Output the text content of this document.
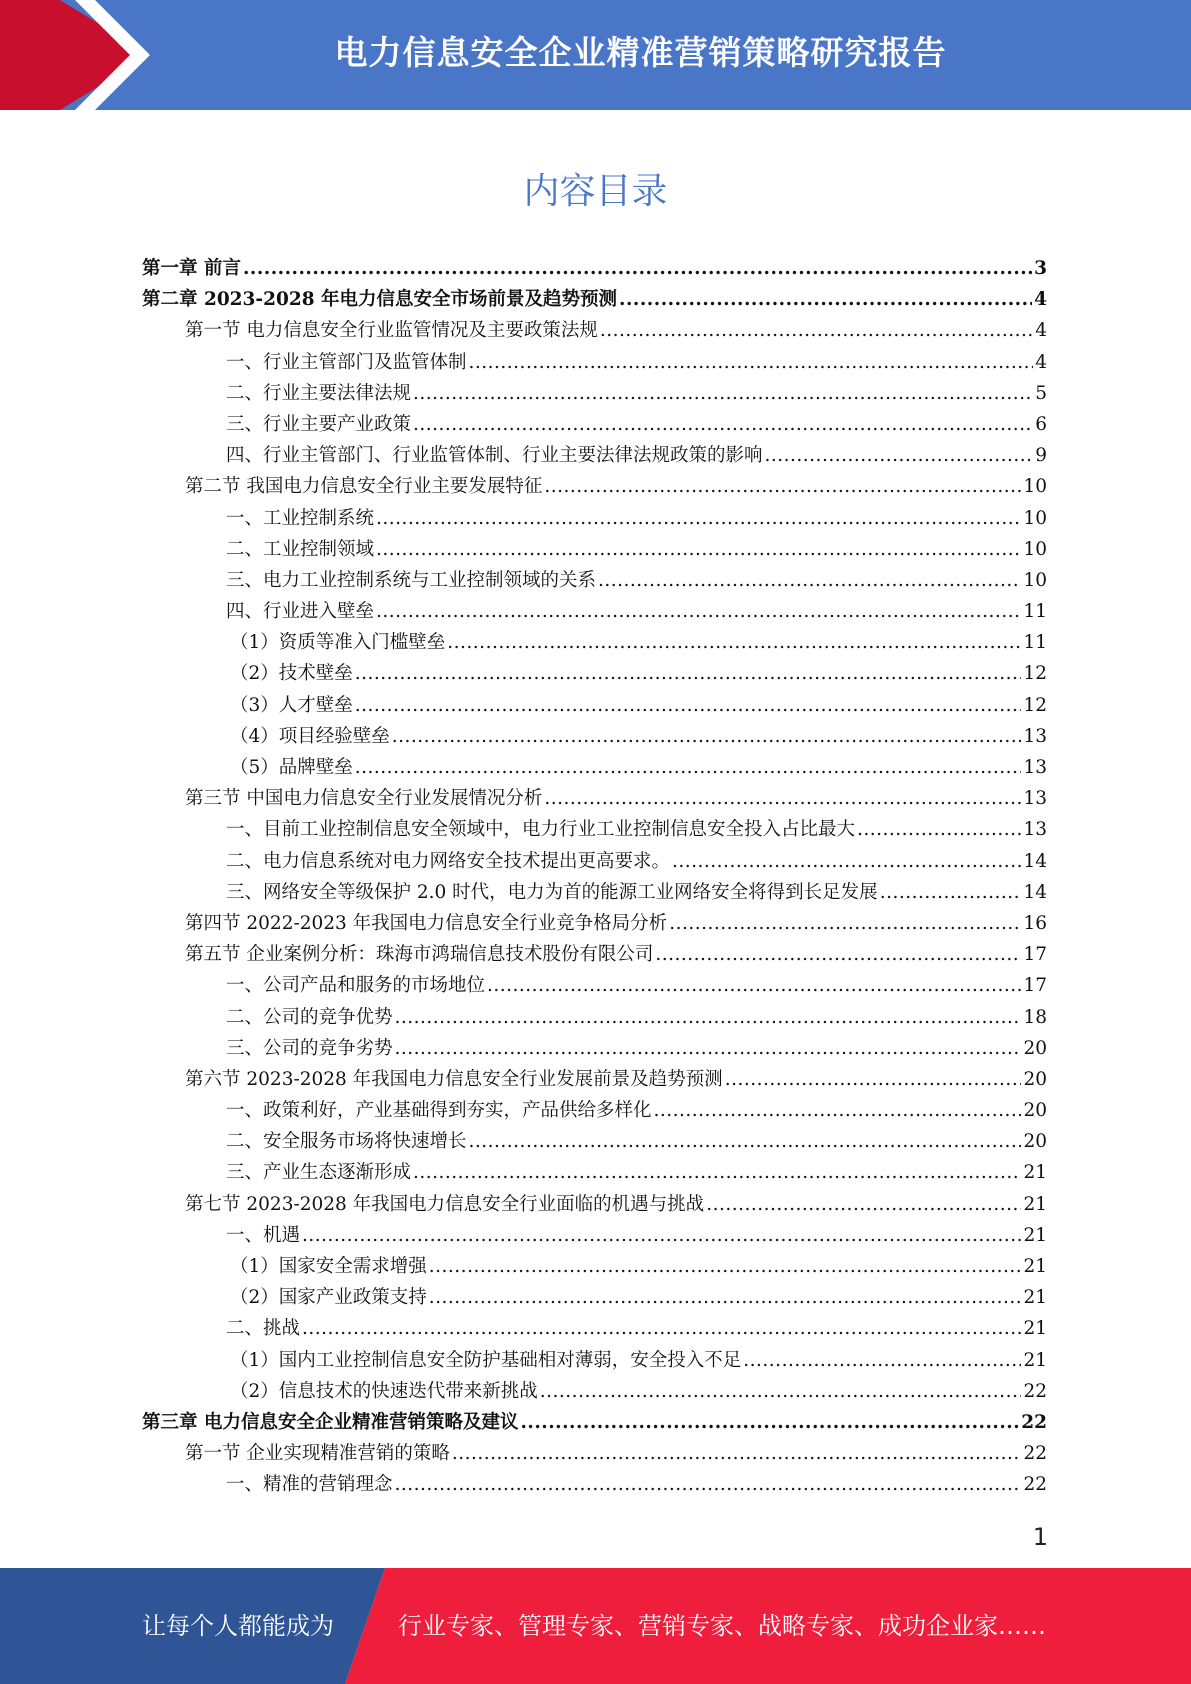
电力信息安全企业精准营销策略研究报告
内容目录
第一章 前言 .....	3
第二章 2023-2028 年电力信息安全市场前景及趋势预测 .....	4
第一节 电力信息安全行业监管情况及主要政策法规 .....	4
一、行业主管部门及监管体制 .....	4
二、行业主要法律法规 .....	5
三、行业主要产业政策 .....	6
四、行业主管部门、行业监管体制、行业主要法律法规政策的影响 .....	9
第二节 我国电力信息安全行业主要发展特征 .....	10
一、工业控制系统 .....	10
二、工业控制领域 .....	10
三、电力工业控制系统与工业控制领域的关系 .....	10
四、行业进入壁垒 .....	11
（1）资质等准入门槛壁垒 .....	11
（2）技术壁垒 .....	12
（3）人才壁垒 .....	12
（4）项目经验壁垒 .....	13
（5）品牌壁垒 .....	13
第三节 中国电力信息安全行业发展情况分析 .....	13
一、目前工业控制信息安全领域中，电力行业工业控制信息安全投入占比最大 .....	13
二、电力信息系统对电力网络安全技术提出更高要求。 .....	14
三、网络安全等级保护 2.0 时代，电力为首的能源工业网络安全将得到长足发展 .....	14
第四节 2022-2023 年我国电力信息安全行业竞争格局分析 .....	16
第五节 企业案例分析：珠海市鸿瑞信息技术股份有限公司 .....	17
一、公司产品和服务的市场地位 .....	17
二、公司的竞争优势 .....	18
三、公司的竞争劣势 .....	20
第六节 2023-2028 年我国电力信息安全行业发展前景及趋势预测 .....	20
一、政策利好，产业基础得到夯实，产品供给多样化 .....	20
二、安全服务市场将快速增长 .....	20
三、产业生态逐渐形成 .....	21
第七节 2023-2028 年我国电力信息安全行业面临的机遇与挑战 .....	21
一、机遇 .....	21
（1）国家安全需求增强 .....	21
（2）国家产业政策支持 .....	21
二、挑战 .....	21
（1）国内工业控制信息安全防护基础相对薄弱，安全投入不足 .....	21
（2）信息技术的快速迭代带来新挑战 .....	22
第三章 电力信息安全企业精准营销策略及建议 .....	22
第一节 企业实现精准营销的策略 .....	22
一、精准的营销理念 .....	22
1
让每个人都能成为	行业专家、管理专家、营销专家、战略专家、成功企业家……
